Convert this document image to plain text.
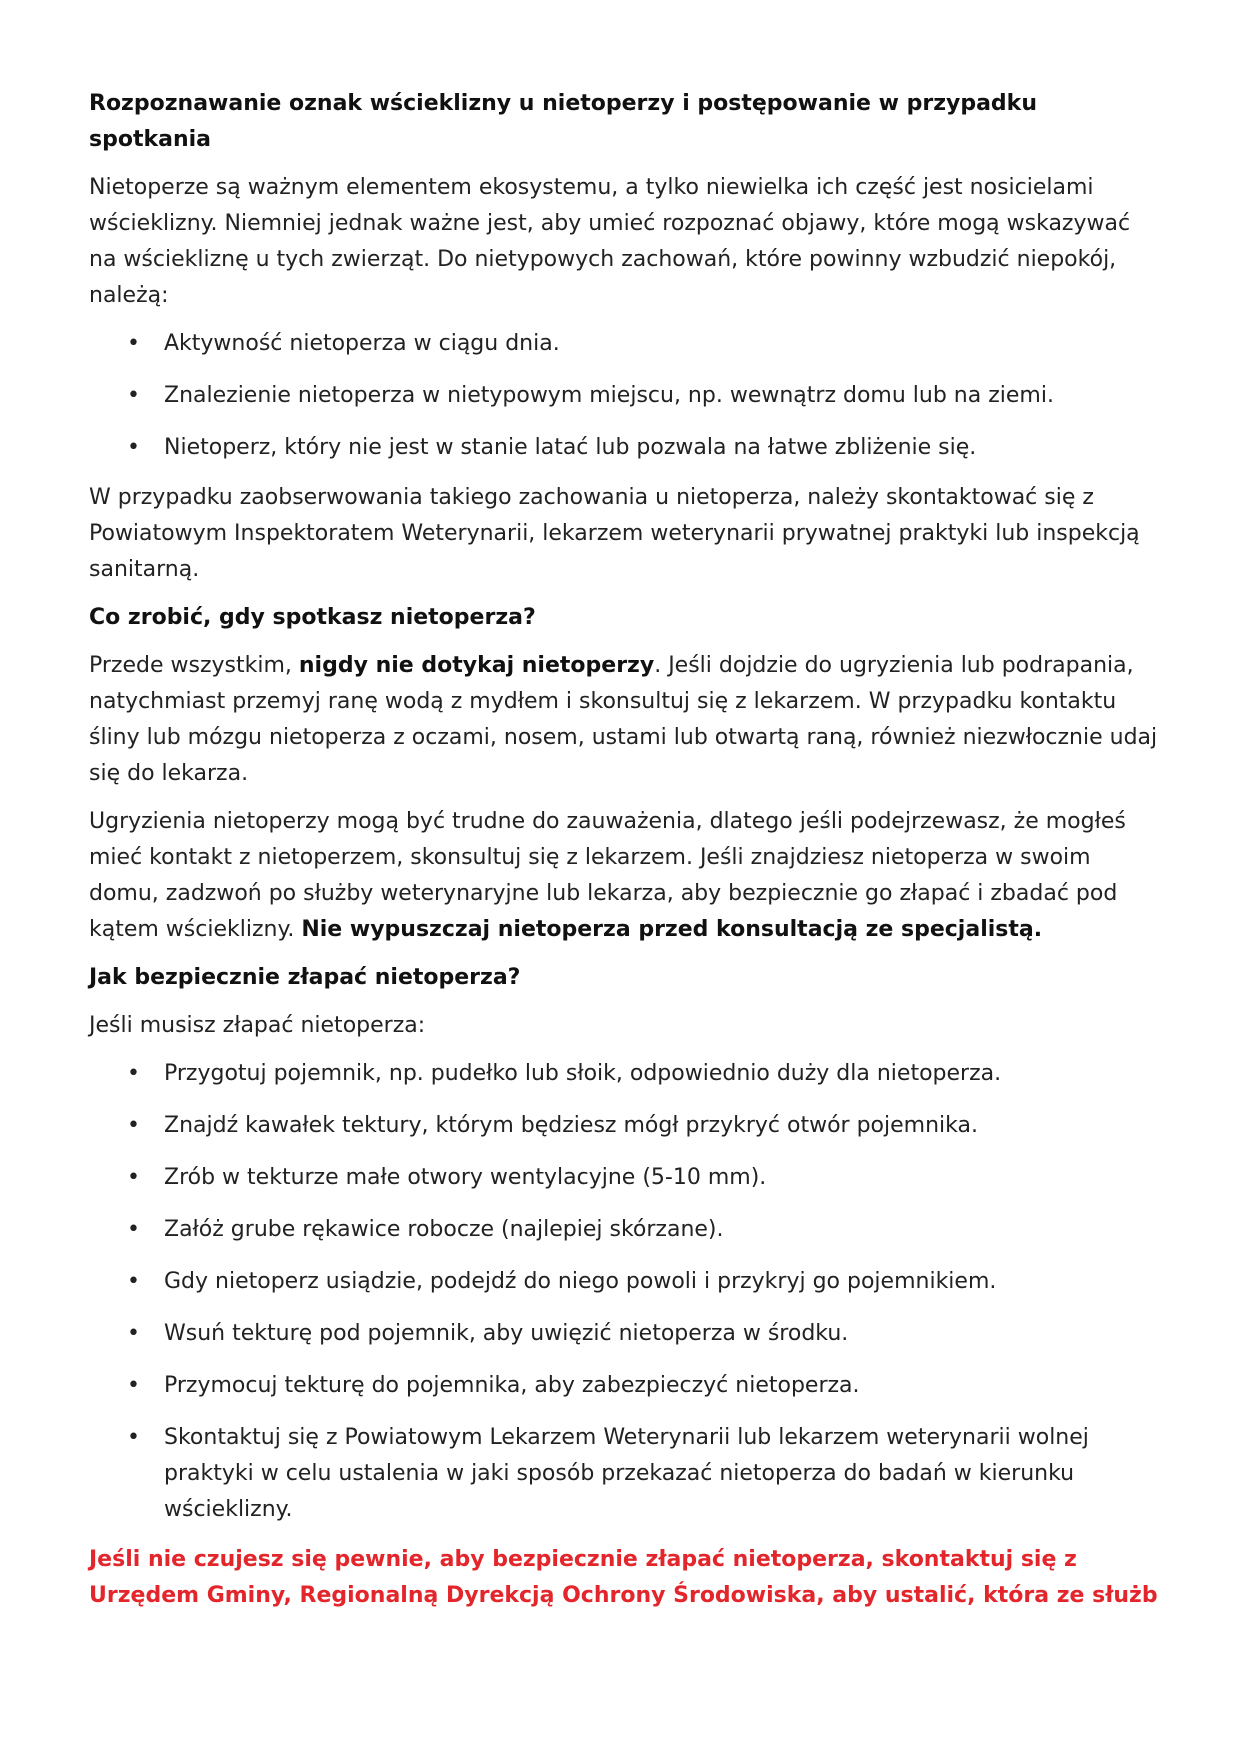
Rozpoznawanie oznak wścieklizny u nietoperzy i postępowanie w przypadku spotkania

Nietoperze są ważnym elementem ekosystemu, a tylko niewielka ich część jest nosicielami wścieklizny. Niemniej jednak ważne jest, aby umieć rozpoznać objawy, które mogą wskazywać na wściekliznę u tych zwierząt. Do nietypowych zachowań, które powinny wzbudzić niepokój, należą:

• Aktywność nietoperza w ciągu dnia.
• Znalezienie nietoperza w nietypowym miejscu, np. wewnątrz domu lub na ziemi.
• Nietoperz, który nie jest w stanie latać lub pozwala na łatwe zbliżenie się.

W przypadku zaobserwowania takiego zachowania u nietoperza, należy skontaktować się z Powiatowym Inspektoratem Weterynarii, lekarzem weterynarii prywatnej praktyki lub inspekcją sanitarną.

Co zrobić, gdy spotkasz nietoperza?

Przede wszystkim, nigdy nie dotykaj nietoperzy. Jeśli dojdzie do ugryzienia lub podrapania, natychmiast przemyj ranę wodą z mydłem i skonsultuj się z lekarzem. W przypadku kontaktu śliny lub mózgu nietoperza z oczami, nosem, ustami lub otwartą raną, również niezwłocznie udaj się do lekarza.

Ugryzienia nietoperzy mogą być trudne do zauważenia, dlatego jeśli podejrzewasz, że mogłeś mieć kontakt z nietoperzem, skonsultuj się z lekarzem. Jeśli znajdziesz nietoperza w swoim domu, zadzwoń po służby weterynaryjne lub lekarza, aby bezpiecznie go złapać i zbadać pod kątem wścieklizny. Nie wypuszczaj nietoperza przed konsultacją ze specjalistą.

Jak bezpiecznie złapać nietoperza?

Jeśli musisz złapać nietoperza:

• Przygotuj pojemnik, np. pudełko lub słoik, odpowiednio duży dla nietoperza.
• Znajdź kawałek tektury, którym będziesz mógł przykryć otwór pojemnika.
• Zrób w tekturze małe otwory wentylacyjne (5-10 mm).
• Załóż grube rękawice robocze (najlepiej skórzane).
• Gdy nietoperz usiądzie, podejdź do niego powoli i przykryj go pojemnikiem.
• Wsuń tekturę pod pojemnik, aby uwięzić nietoperza w środku.
• Przymocuj tekturę do pojemnika, aby zabezpieczyć nietoperza.
• Skontaktuj się z Powiatowym Lekarzem Weterynarii lub lekarzem weterynarii wolnej praktyki w celu ustalenia w jaki sposób przekazać nietoperza do badań w kierunku wścieklizny.

Jeśli nie czujesz się pewnie, aby bezpiecznie złapać nietoperza, skontaktuj się z Urzędem Gminy, Regionalną Dyrekcją Ochrony Środowiska, aby ustalić, która ze służb
